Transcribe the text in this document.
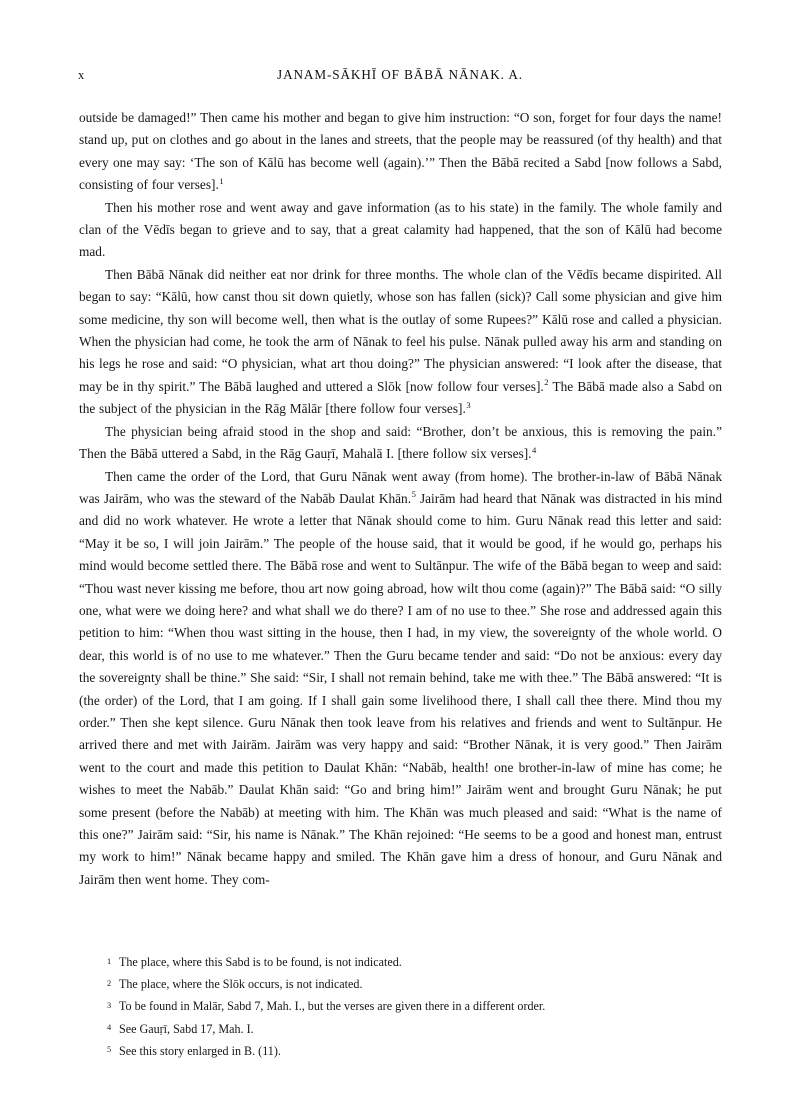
x	JANAM-SĀKHĪ OF BĀBĀ NĀNAK. A.

outside be damaged!” Then came his mother and began to give him instruction: “O son, forget for four days the name! stand up, put on clothes and go about in the lanes and streets, that the people may be reassured (of thy health) and that every one may say: ‘The son of Kālū has become well (again).’” Then the Bābā recited a Sabd [now follows a Sabd, consisting of four verses].$^1$

Then his mother rose and went away and gave information (as to his state) in the family. The whole family and clan of the Vēdīs began to grieve and to say, that a great calamity had happened, that the son of Kālū had become mad.

Then Bābā Nānak did neither eat nor drink for three months. The whole clan of the Vēdīs became dispirited. All began to say: “Kālū, how canst thou sit down quietly, whose son has fallen (sick)? Call some physician and give him some medicine, thy son will become well, then what is the outlay of some Rupees?” Kālū rose and called a physician. When the physician had come, he took the arm of Nānak to feel his pulse. Nānak pulled away his arm and standing on his legs he rose and said: “O physician, what art thou doing?” The physician answered: “I look after the disease, that may be in thy spirit.” The Bābā laughed and uttered a Slōk [now follow four verses].$^2$ The Bābā made also a Sabd on the subject of the physician in the Rāg Mālār [there follow four verses].$^3$

The physician being afraid stood in the shop and said: “Brother, don’t be anxious, this is removing the pain.” Then the Bābā uttered a Sabd, in the Rāg Gauṛī, Mahalā I. [there follow six verses].$^4$

Then came the order of the Lord, that Guru Nānak went away (from home). The brother-in-law of Bābā Nānak was Jairām, who was the steward of the Nabāb Daulat Khān.$^5$ Jairām had heard that Nānak was distracted in his mind and did no work whatever. He wrote a letter that Nānak should come to him. Guru Nānak read this letter and said: “May it be so, I will join Jairām.” The people of the house said, that it would be good, if he would go, perhaps his mind would become settled there. The Bābā rose and went to Sultānpur. The wife of the Bābā began to weep and said: “Thou wast never kissing me before, thou art now going abroad, how wilt thou come (again)?” The Bābā said: “O silly one, what were we doing here? and what shall we do there? I am of no use to thee.” She rose and addressed again this petition to him: “When thou wast sitting in the house, then I had, in my view, the sovereignty of the whole world. O dear, this world is of no use to me whatever.” Then the Guru became tender and said: “Do not be anxious: every day the sovereignty shall be thine.” She said: “Sir, I shall not remain behind, take me with thee.” The Bābā answered: “It is (the order) of the Lord, that I am going. If I shall gain some livelihood there, I shall call thee there. Mind thou my order.” Then she kept silence. Guru Nānak then took leave from his relatives and friends and went to Sultānpur. He arrived there and met with Jairām. Jairām was very happy and said: “Brother Nānak, it is very good.” Then Jairām went to the court and made this petition to Daulat Khān: “Nabāb, health! one brother-in-law of mine has come; he wishes to meet the Nabāb.” Daulat Khān said: “Go and bring him!” Jairām went and brought Guru Nānak; he put some present (before the Nabāb) at meeting with him. The Khān was much pleased and said: “What is the name of this one?” Jairām said: “Sir, his name is Nānak.” The Khān rejoined: “He seems to be a good and honest man, entrust my work to him!” Nānak became happy and smiled. The Khān gave him a dress of honour, and Guru Nānak and Jairām then went home. They com-

1 The place, where this Sabd is to be found, is not indicated.
2 The place, where the Slōk occurs, is not indicated.
3 To be found in Malār, Sabd 7, Mah. I., but the verses are given there in a different order.
4 See Gauṛī, Sabd 17, Mah. I.
5 See this story enlarged in B. (11).
